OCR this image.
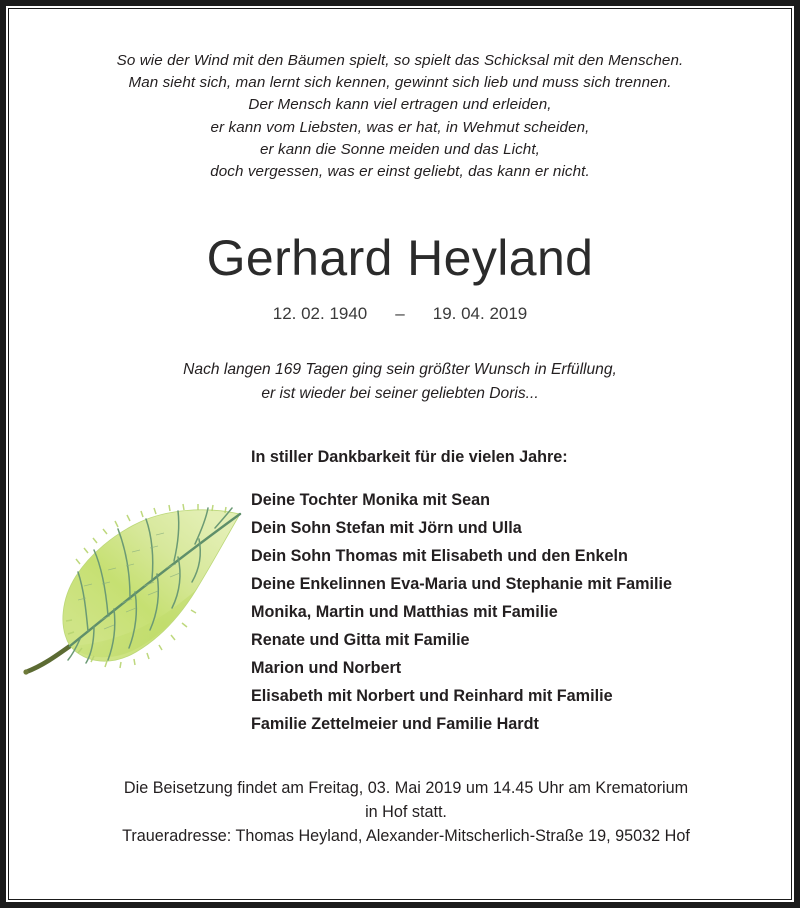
So wie der Wind mit den Bäumen spielt, so spielt das Schicksal mit den Menschen.
Man sieht sich, man lernt sich kennen, gewinnt sich lieb und muss sich trennen.
Der Mensch kann viel ertragen und erleiden,
er kann vom Liebsten, was er hat, in Wehmut scheiden,
er kann die Sonne meiden und das Licht,
doch vergessen, was er einst geliebt, das kann er nicht.
Gerhard Heyland
12. 02. 1940 – 19. 04. 2019
Nach langen 169 Tagen ging sein größter Wunsch in Erfüllung,
er ist wieder bei seiner geliebten Doris...
In stiller Dankbarkeit für die vielen Jahre:
Deine Tochter Monika mit Sean
Dein Sohn Stefan mit Jörn und Ulla
Dein Sohn Thomas mit Elisabeth und den Enkeln
Deine Enkelinnen Eva-Maria und Stephanie mit Familie
Monika, Martin und Matthias mit Familie
Renate und Gitta mit Familie
Marion und Norbert
Elisabeth mit Norbert und Reinhard mit Familie
Familie Zettelmeier und Familie Hardt
Die Beisetzung findet am Freitag, 03. Mai 2019 um 14.45 Uhr am Krematorium
in Hof statt.
Traueradresse: Thomas Heyland, Alexander-Mitscherlich-Straße 19, 95032 Hof
